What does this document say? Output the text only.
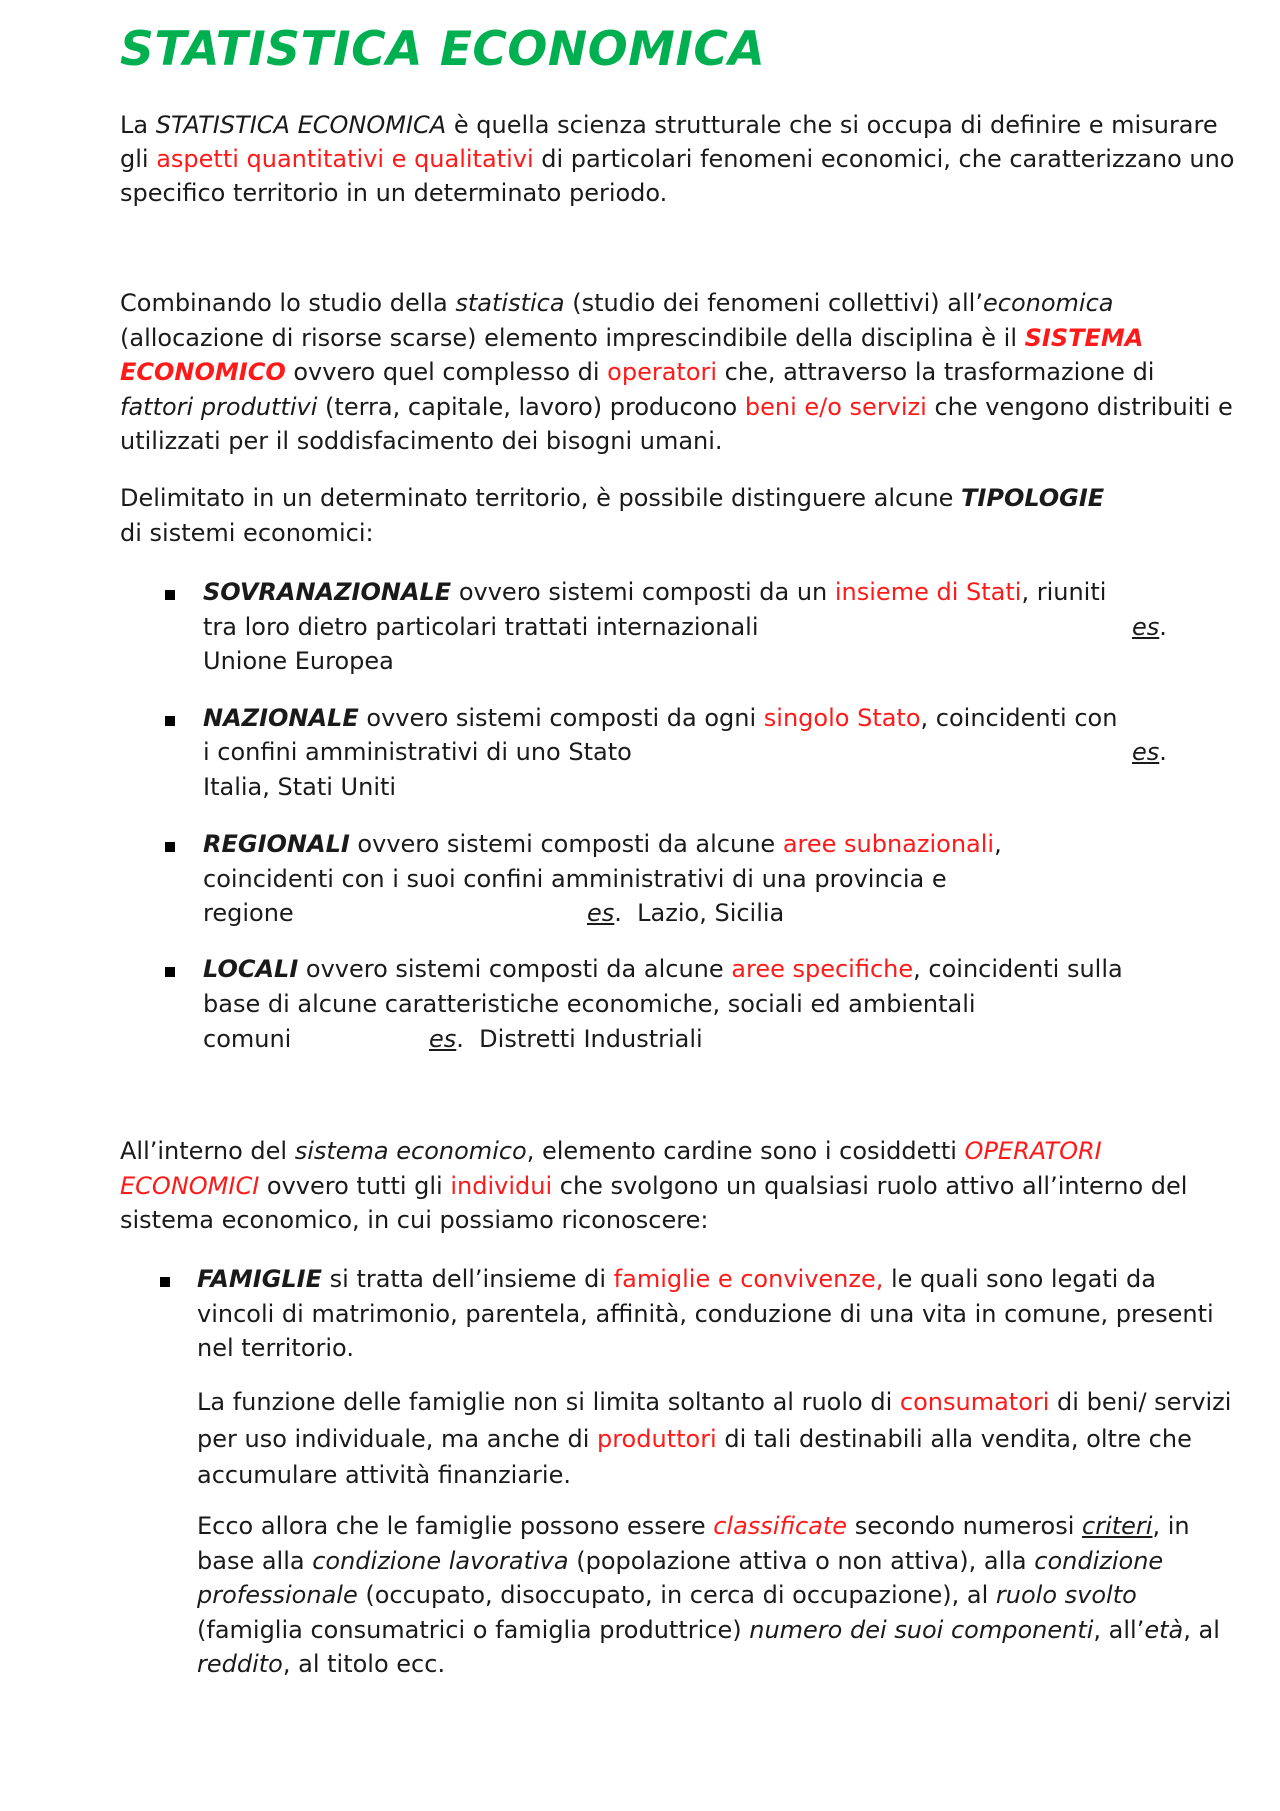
STATISTICA ECONOMICA

La STATISTICA ECONOMICA è quella scienza strutturale che si occupa di definire e misurare gli aspetti quantitativi e qualitativi di particolari fenomeni economici, che caratterizzano uno specifico territorio in un determinato periodo.

Combinando lo studio della statistica (studio dei fenomeni collettivi) all’economica (allocazione di risorse scarse) elemento imprescindibile della disciplina è il SISTEMA ECONOMICO ovvero quel complesso di operatori che, attraverso la trasformazione di fattori produttivi (terra, capitale, lavoro) producono beni e/o servizi che vengono distribuiti e utilizzati per il soddisfacimento dei bisogni umani.

Delimitato in un determinato territorio, è possibile distinguere alcune TIPOLOGIE
di sistemi economici:

SOVRANAZIONALE ovvero sistemi composti da un insieme di Stati, riuniti

tra loro dietro particolari trattati internazionali	es.

Unione Europea

NAZIONALE ovvero sistemi composti da ogni singolo Stato, coincidenti con

i confini amministrativi di uno Stato	es.

Italia, Stati Uniti

REGIONALI ovvero sistemi composti da alcune aree subnazionali,

coincidenti con i suoi confini amministrativi di una provincia e

regione	es.  Lazio, Sicilia

LOCALI ovvero sistemi composti da alcune aree specifiche, coincidenti sulla

base di alcune caratteristiche economiche, sociali ed ambientali

comuni	es.  Distretti Industriali

All’interno del sistema economico, elemento cardine sono i cosiddetti OPERATORI ECONOMICI ovvero tutti gli individui che svolgono un qualsiasi ruolo attivo all’interno del sistema economico, in cui possiamo riconoscere:

FAMIGLIE si tratta dell’insieme di famiglie e convivenze, le quali sono legati da vincoli di matrimonio, parentela, affinità, conduzione di una vita in comune, presenti nel territorio.

La funzione delle famiglie non si limita soltanto al ruolo di consumatori di beni/ servizi per uso individuale, ma anche di produttori di tali destinabili alla vendita, oltre che accumulare attività finanziarie.

Ecco allora che le famiglie possono essere classificate secondo numerosi criteri, in base alla condizione lavorativa (popolazione attiva o non attiva), alla condizione professionale (occupato, disoccupato, in cerca di occupazione), al ruolo svolto (famiglia consumatrici o famiglia produttrice) numero dei suoi componenti, all’età, al reddito, al titolo ecc.
